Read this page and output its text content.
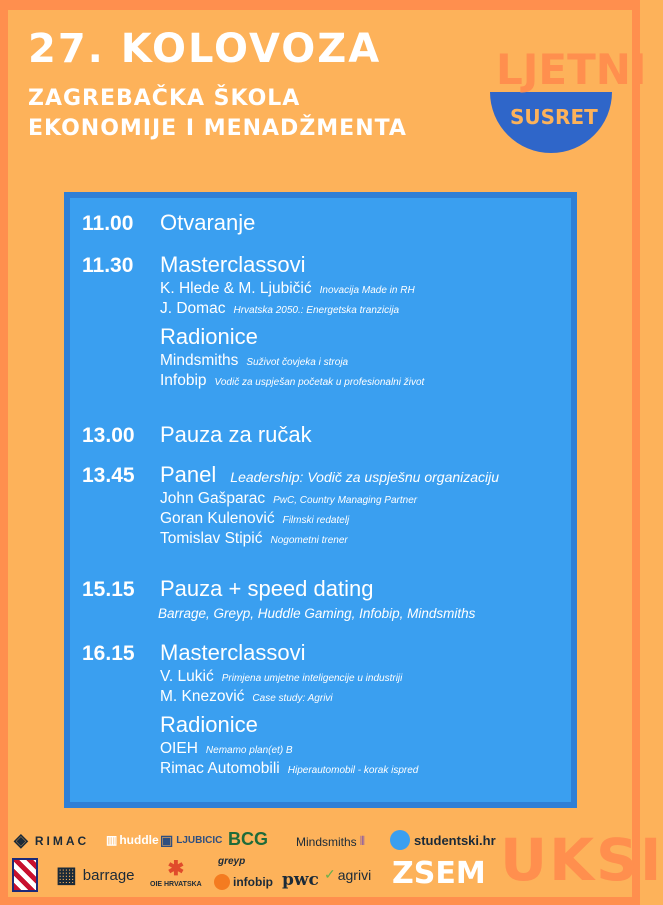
27. KOLOVOZA
ZAGREBAČKA ŠKOLA
EKONOMIJE I MENADŽMENTA
LJETNI
SUSRET
11.00	Otvaranje
11.30	Masterclassovi
K. Hlede & M. Ljubičić Inovacija Made in RH
J. Domac Hrvatska 2050.: Energetska tranzicija
Radionice
Mindsmiths Suživot čovjeka i stroja
Infobip Vodič za uspješan početak u profesionalni život
13.00	Pauza za ručak
13.45	Panel Leadership: Vodič za uspješnu organizaciju
John Gašparac PwC, Country Managing Partner
Goran Kulenović Filmski redatelj
Tomislav Stipić Nogometni trener
15.15	Pauza + speed dating
Barrage, Greyp, Huddle Gaming, Infobip, Mindsmiths
16.15	Masterclassovi
V. Lukić Primjena umjetne inteligencije u industriji
M. Knezović Case study: Agrivi
Radionice
OIEH Nemamo plan(et) B
Rimac Automobili Hiperautomobil - korak ispred
◈ RIMAC ▥ huddle ▣ LJUBICIC BCG Mindsmiths ⦀	studentski.hr
▦ barrage ✱
OIE HRVATSKA
greyp
infobip pwc ✓ agrivi ZSEM UKSI
